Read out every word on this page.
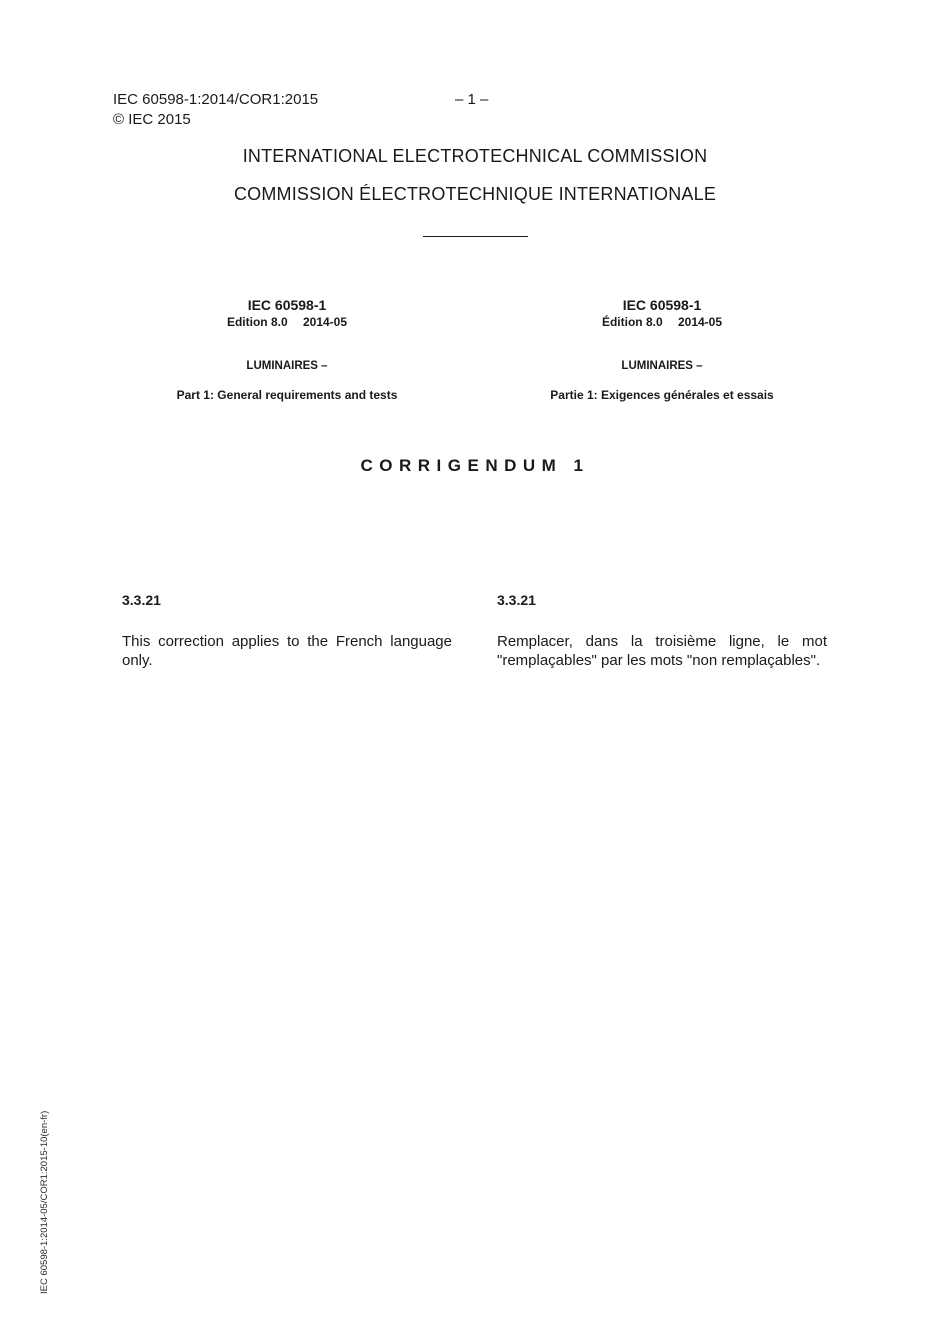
IEC 60598-1:2014/COR1:2015
© IEC 2015
– 1 –
INTERNATIONAL ELECTROTECHNICAL COMMISSION
COMMISSION ÉLECTROTECHNIQUE INTERNATIONALE
IEC 60598-1
Edition 8.0  2014-05
LUMINAIRES –
Part 1: General requirements and tests
IEC 60598-1
Édition 8.0  2014-05
LUMINAIRES –
Partie 1: Exigences générales et essais
CORRIGENDUM 1
3.3.21	3.3.21
This correction applies to the French language only.
Remplacer, dans la troisième ligne, le mot "remplaçables" par les mots "non remplaçables".
IEC 60598-1:2014-05/COR1:2015-10(en-fr)
